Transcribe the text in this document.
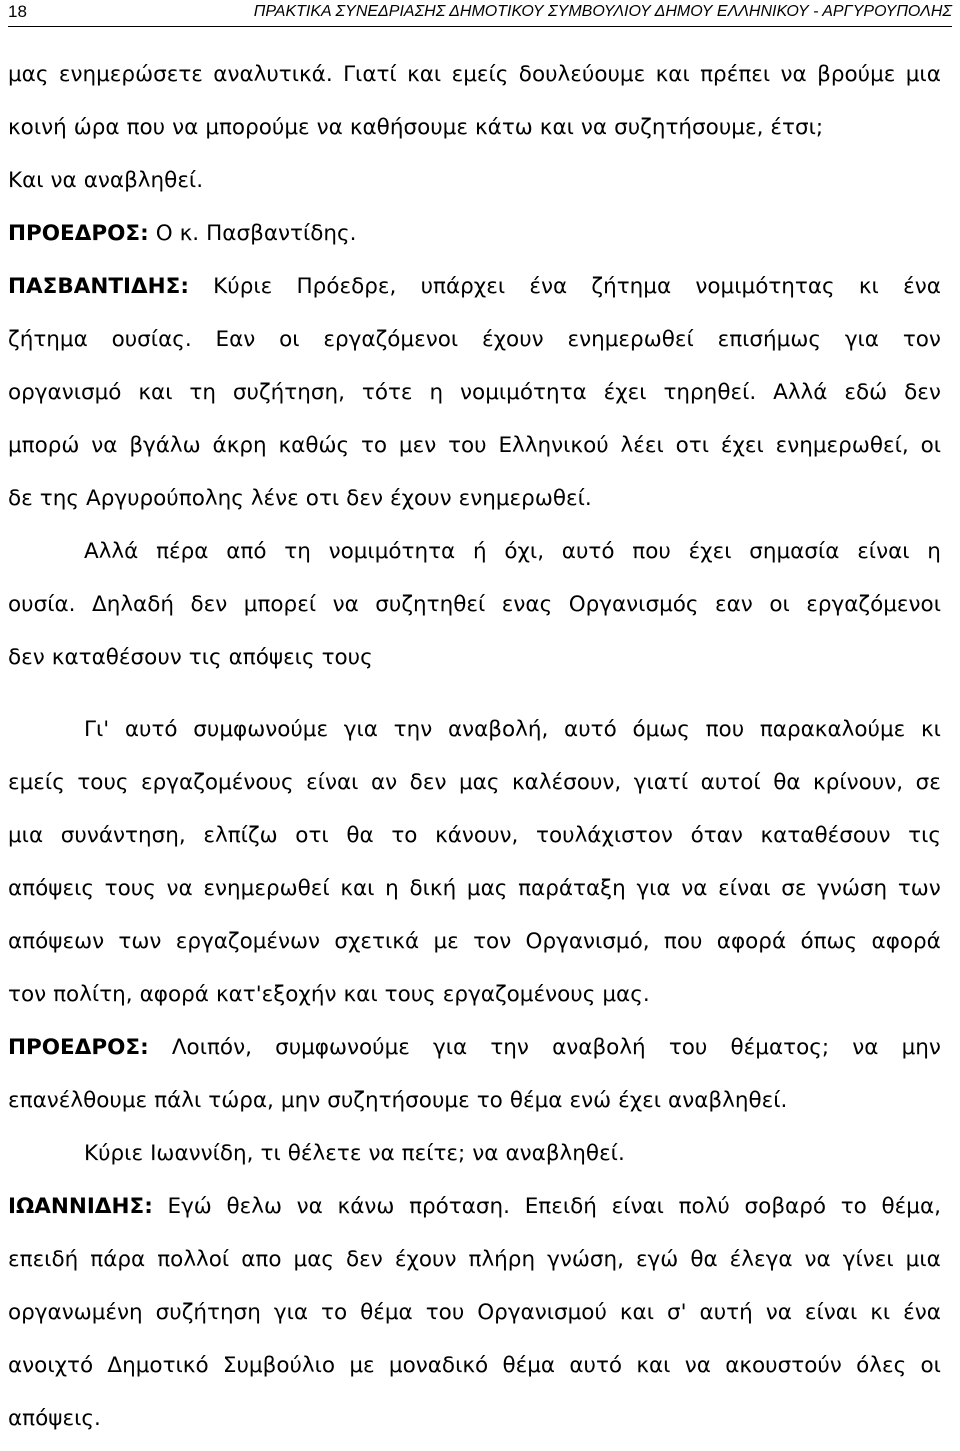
18	ΠΡΑΚΤΙΚΑ ΣΥΝΕΔΡΙΑΣΗΣ ΔΗΜΟΤΙΚΟΥ ΣΥΜΒΟΥΛΙΟΥ ΔΗΜΟΥ ΕΛΛΗΝΙΚΟΥ - ΑΡΓΥΡΟΥΠΟΛΗΣ
μας ενημερώσετε αναλυτικά. Γιατί και εμείς δουλεύουμε και πρέπει να βρούμε μια
κοινή ώρα που να μπορούμε να καθήσουμε κάτω και να συζητήσουμε, έτσι;
Και να αναβληθεί.
ΠΡΟΕΔΡΟΣ: Ο κ. Πασβαντίδης.
ΠΑΣΒΑΝΤΙΔΗΣ: Κύριε Πρόεδρε, υπάρχει ένα ζήτημα νομιμότητας κι ένα
ζήτημα ουσίας. Εαν οι εργαζόμενοι έχουν ενημερωθεί επισήμως για τον
οργανισμό και τη συζήτηση, τότε η νομιμότητα έχει τηρηθεί. Αλλά εδώ δεν
μπορώ να βγάλω άκρη καθώς το μεν του Ελληνικού λέει οτι έχει ενημερωθεί, οι
δε της Αργυρούπολης λένε οτι δεν έχουν ενημερωθεί.
Αλλά πέρα από τη νομιμότητα ή όχι, αυτό που έχει σημασία είναι η
ουσία. Δηλαδή δεν μπορεί να συζητηθεί ενας Οργανισμός εαν οι εργαζόμενοι
δεν καταθέσουν τις απόψεις τους
Γι' αυτό συμφωνούμε για την αναβολή, αυτό όμως που παρακαλούμε κι
εμείς τους εργαζομένους είναι αν δεν μας καλέσουν, γιατί αυτοί θα κρίνουν, σε
μια συνάντηση, ελπίζω οτι θα το κάνουν, τουλάχιστον όταν καταθέσουν τις
απόψεις τους να ενημερωθεί και η δική μας παράταξη για να είναι σε γνώση των
απόψεων των εργαζομένων σχετικά με τον Οργανισμό, που αφορά όπως αφορά
τον πολίτη, αφορά κατ'εξοχήν και τους εργαζομένους μας.
ΠΡΟΕΔΡΟΣ: Λοιπόν, συμφωνούμε για την αναβολή του θέματος; να μην
επανέλθουμε πάλι τώρα, μην συζητήσουμε το θέμα ενώ έχει αναβληθεί.
Κύριε Ιωαννίδη, τι θέλετε να πείτε; να αναβληθεί.
ΙΩΑΝΝΙΔΗΣ: Εγώ θελω να κάνω πρόταση. Επειδή είναι πολύ σοβαρό το θέμα,
επειδή πάρα πολλοί απο μας δεν έχουν πλήρη γνώση, εγώ θα έλεγα να γίνει μια
οργανωμένη συζήτηση για το θέμα του Οργανισμού και σ' αυτή να είναι κι ένα
ανοιχτό Δημοτικό Συμβούλιο με μοναδικό θέμα αυτό και να ακουστούν όλες οι
απόψεις.
